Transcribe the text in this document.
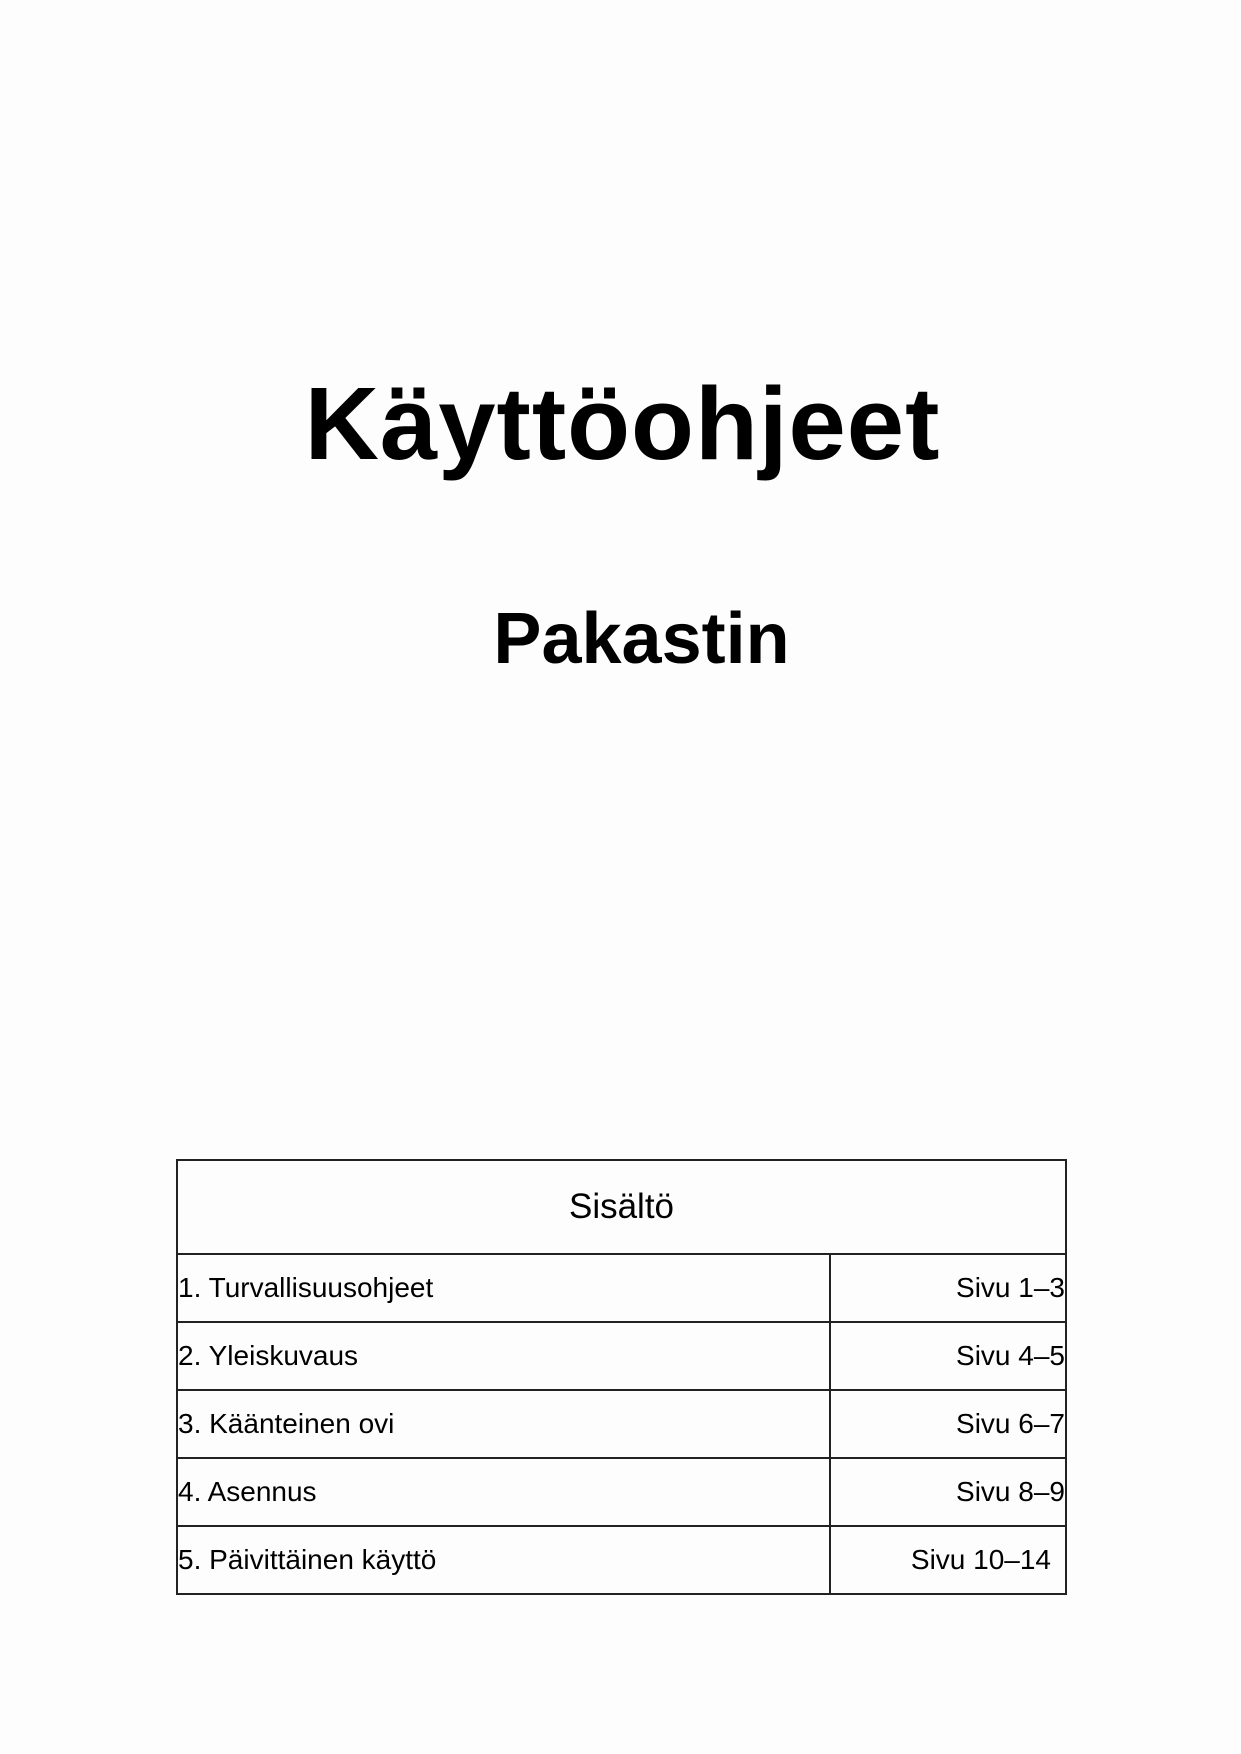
Käyttöohjeet
Pakastin
Sisältö	
1. Turvallisuusohjeet	Sivu 1–3
2. Yleiskuvaus	Sivu 4–5
3. Käänteinen ovi	Sivu 6–7
4. Asennus	Sivu 8–9
5. Päivittäinen käyttö	Sivu 10–14
